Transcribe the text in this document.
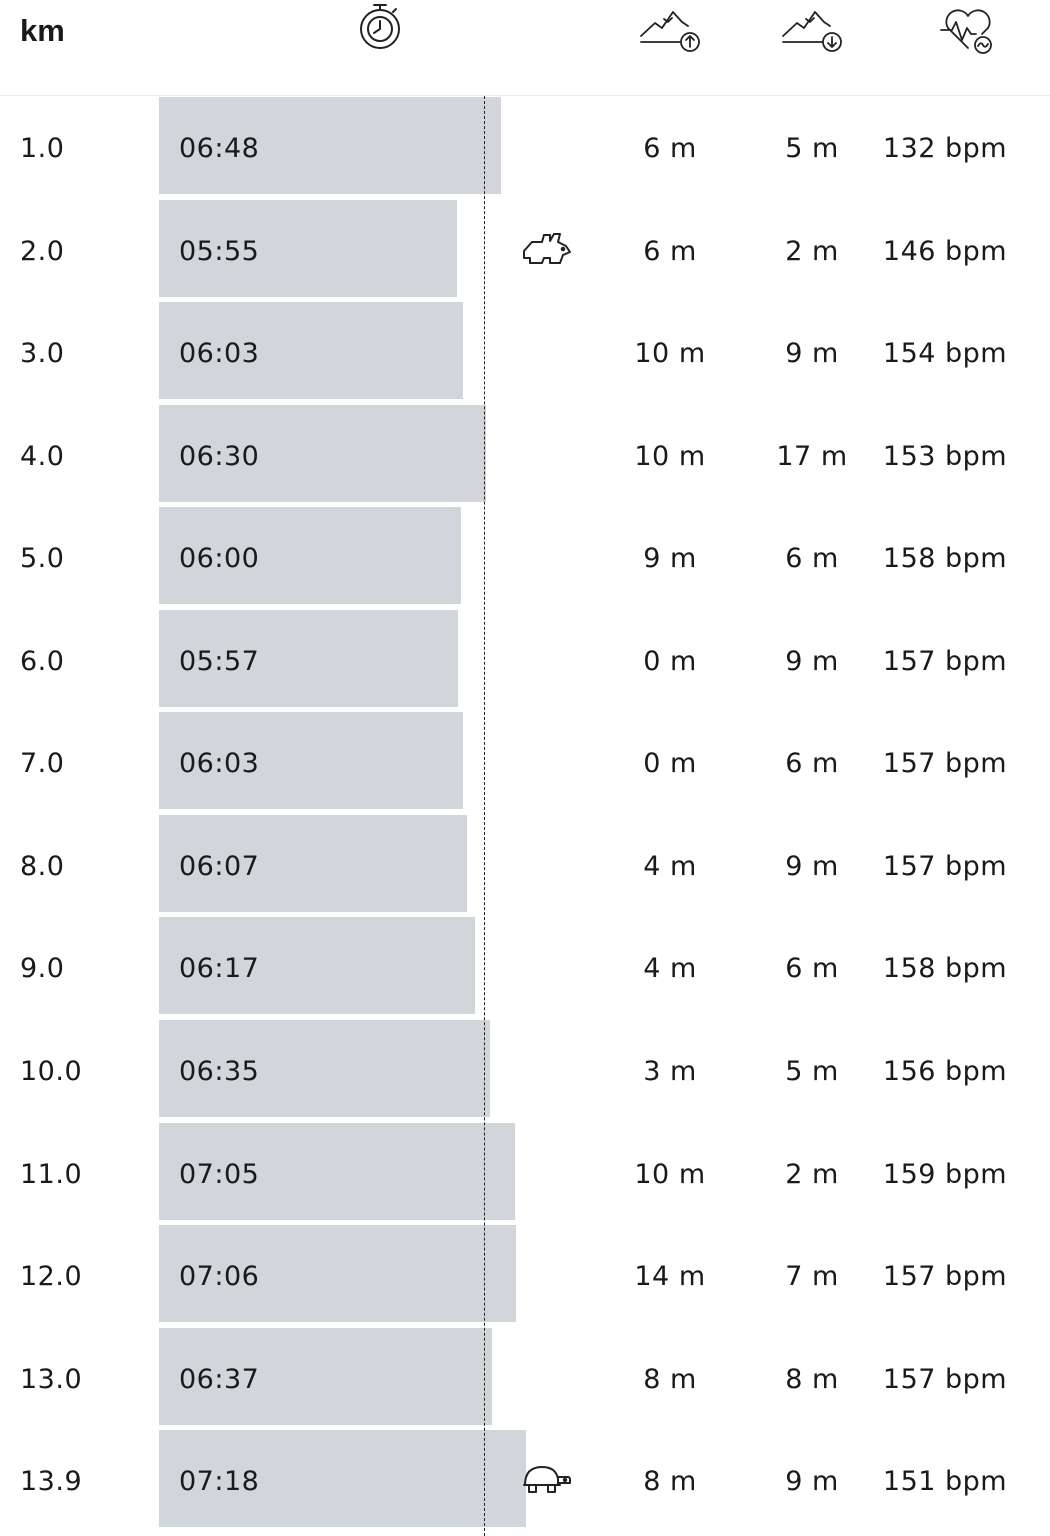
km
1.0	06:48	6 m	5 m	132 bpm
2.0	05:55	6 m	2 m	146 bpm
3.0	06:03	10 m	9 m	154 bpm
4.0	06:30	10 m	17 m	153 bpm
5.0	06:00	9 m	6 m	158 bpm
6.0	05:57	0 m	9 m	157 bpm
7.0	06:03	0 m	6 m	157 bpm
8.0	06:07	4 m	9 m	157 bpm
9.0	06:17	4 m	6 m	158 bpm
10.0	06:35	3 m	5 m	156 bpm
11.0	07:05	10 m	2 m	159 bpm
12.0	07:06	14 m	7 m	157 bpm
13.0	06:37	8 m	8 m	157 bpm
13.9	07:18	8 m	9 m	151 bpm
